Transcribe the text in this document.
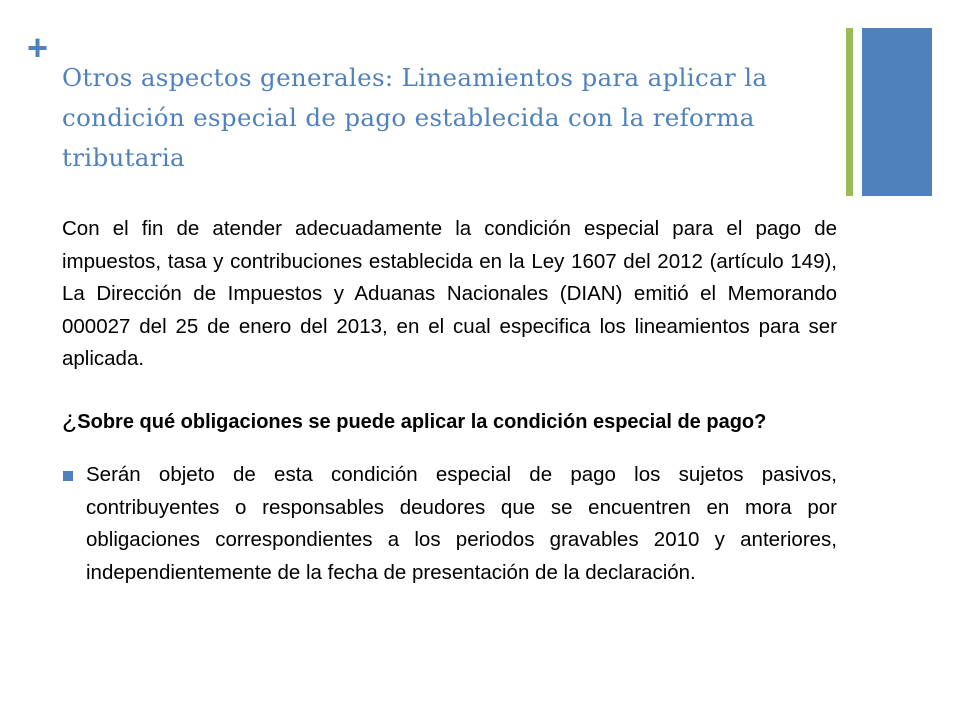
+
Otros aspectos generales: Lineamientos para aplicar la condición especial de pago establecida con la reforma tributaria

Con el fin de atender adecuadamente la condición especial para el pago de impuestos, tasa y contribuciones establecida en la Ley 1607 del 2012 (artículo 149), La Dirección de Impuestos y Aduanas Nacionales (DIAN) emitió el Memorando 000027 del 25 de enero del 2013, en el cual especifica los lineamientos para ser aplicada.

¿Sobre qué obligaciones se puede aplicar la condición especial de pago?

Serán objeto de esta condición especial de pago los sujetos pasivos, contribuyentes o responsables deudores que se encuentren en mora por obligaciones correspondientes a los periodos gravables 2010 y anteriores, independientemente de la fecha de presentación de la declaración.
